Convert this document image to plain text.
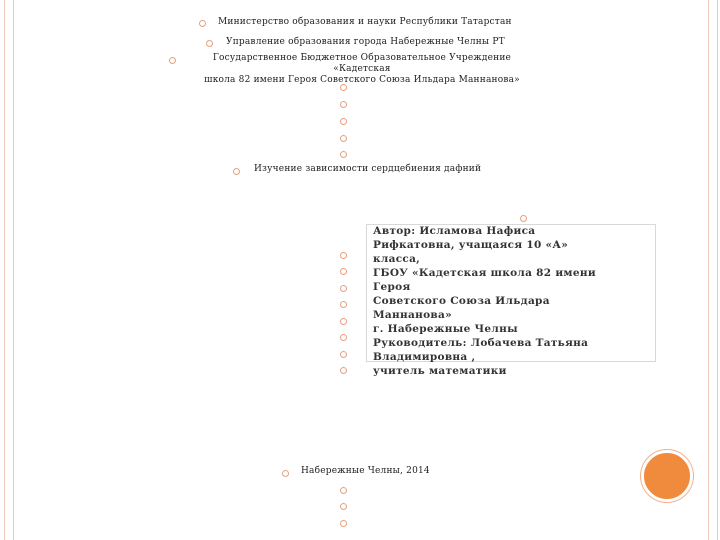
Министерство образования и науки Республики Татарстан
Управление образования города Набережные Челны РТ
Государственное Бюджетное Образовательное Учреждение «Кадетская
школа 82 имени Героя Советского Союза Ильдара Маннанова»
Изучение зависимости сердцебиения дафний
Автор: Исламова Нафиса
Рифкатовна, учащаяся 10 «А» класса,
ГБОУ «Кадетская школа 82 имени Героя
Советского Союза Ильдара Маннанова»
г. Набережные Челны
Руководитель: Лобачева Татьяна
Владимировна ,
учитель математики
Набережные Челны, 2014
